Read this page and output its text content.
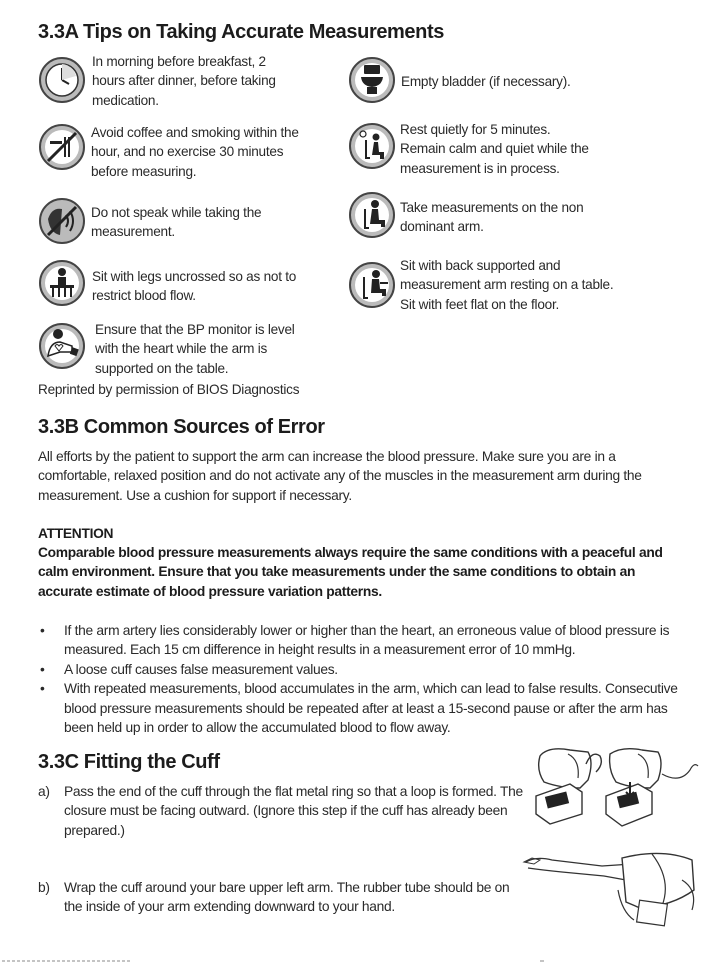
3.3A Tips on Taking Accurate Measurements
In morning before breakfast, 2
hours after dinner, before taking
medication.
Avoid coffee and smoking within the
hour, and no exercise 30 minutes
before measuring.
Do not speak while taking the
measurement.
Sit with legs uncrossed so as not to
restrict blood flow.
Ensure that the BP monitor is level
with the heart while the arm is
supported on the table.
Reprinted by permission of BIOS Diagnostics
Empty bladder (if necessary).
Rest quietly for 5 minutes.
Remain calm and quiet while the
measurement is in process.
Take measurements on the non
dominant arm.
Sit with back supported and
measurement arm resting on a table.
Sit with feet flat on the floor.
3.3B Common Sources of Error
All efforts by the patient to support the arm can increase the blood pressure. Make sure you are in a comfortable, relaxed position and do not activate any of the muscles in the measurement arm during the measurement. Use a cushion for support if necessary.
ATTENTION
Comparable blood pressure measurements always require the same conditions with a peaceful and calm environment. Ensure that you take measurements under the same conditions to obtain an accurate estimate of blood pressure variation patterns.
• If the arm artery lies considerably lower or higher than the heart, an erroneous value of blood pressure is measured. Each 15 cm difference in height results in a measurement error of 10 mmHg.
• A loose cuff causes false measurement values.
• With repeated measurements, blood accumulates in the arm, which can lead to false results. Consecutive blood pressure measurements should be repeated after at least a 15-second pause or after the arm has been held up in order to allow the accumulated blood to flow away.
3.3C Fitting the Cuff
a) Pass the end of the cuff through the flat metal ring so that a loop is formed. The closure must be facing outward. (Ignore this step if the cuff has already been prepared.)
b) Wrap the cuff around your bare upper left arm. The rubber tube should be on the inside of your arm extending downward to your hand.
